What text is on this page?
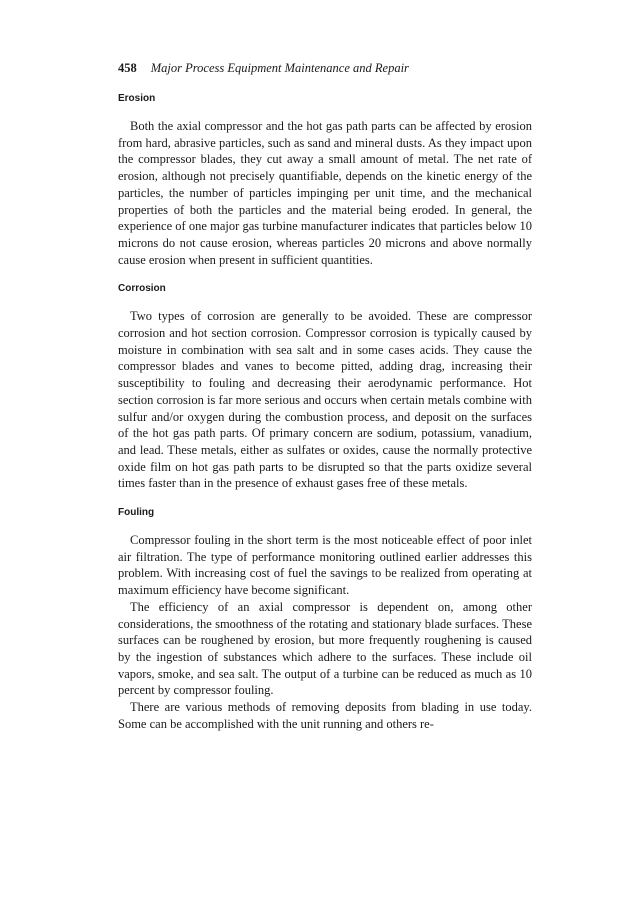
458 Major Process Equipment Maintenance and Repair
Erosion

Both the axial compressor and the hot gas path parts can be affected by erosion from hard, abrasive particles, such as sand and mineral dusts. As they impact upon the compressor blades, they cut away a small amount of metal. The net rate of erosion, although not precisely quantifiable, depends on the kinetic energy of the particles, the number of particles impinging per unit time, and the mechanical properties of both the particles and the material being eroded. In general, the experience of one major gas turbine manufacturer indicates that particles below 10 microns do not cause erosion, whereas particles 20 microns and above normally cause erosion when present in sufficient quantities.

Corrosion

Two types of corrosion are generally to be avoided. These are compressor corrosion and hot section corrosion. Compressor corrosion is typically caused by moisture in combination with sea salt and in some cases acids. They cause the compressor blades and vanes to become pitted, adding drag, increasing their susceptibility to fouling and decreasing their aerodynamic performance. Hot section corrosion is far more serious and occurs when certain metals combine with sulfur and/or oxygen during the combustion process, and deposit on the surfaces of the hot gas path parts. Of primary concern are sodium, potassium, vanadium, and lead. These metals, either as sulfates or oxides, cause the normally protective oxide film on hot gas path parts to be disrupted so that the parts oxidize several times faster than in the presence of exhaust gases free of these metals.

Fouling

Compressor fouling in the short term is the most noticeable effect of poor inlet air filtration. The type of performance monitoring outlined earlier addresses this problem. With increasing cost of fuel the savings to be realized from operating at maximum efficiency have become significant.

The efficiency of an axial compressor is dependent on, among other considerations, the smoothness of the rotating and stationary blade surfaces. These surfaces can be roughened by erosion, but more frequently roughening is caused by the ingestion of substances which adhere to the surfaces. These include oil vapors, smoke, and sea salt. The output of a turbine can be reduced as much as 10 percent by compressor fouling.

There are various methods of removing deposits from blading in use today. Some can be accomplished with the unit running and others re-
